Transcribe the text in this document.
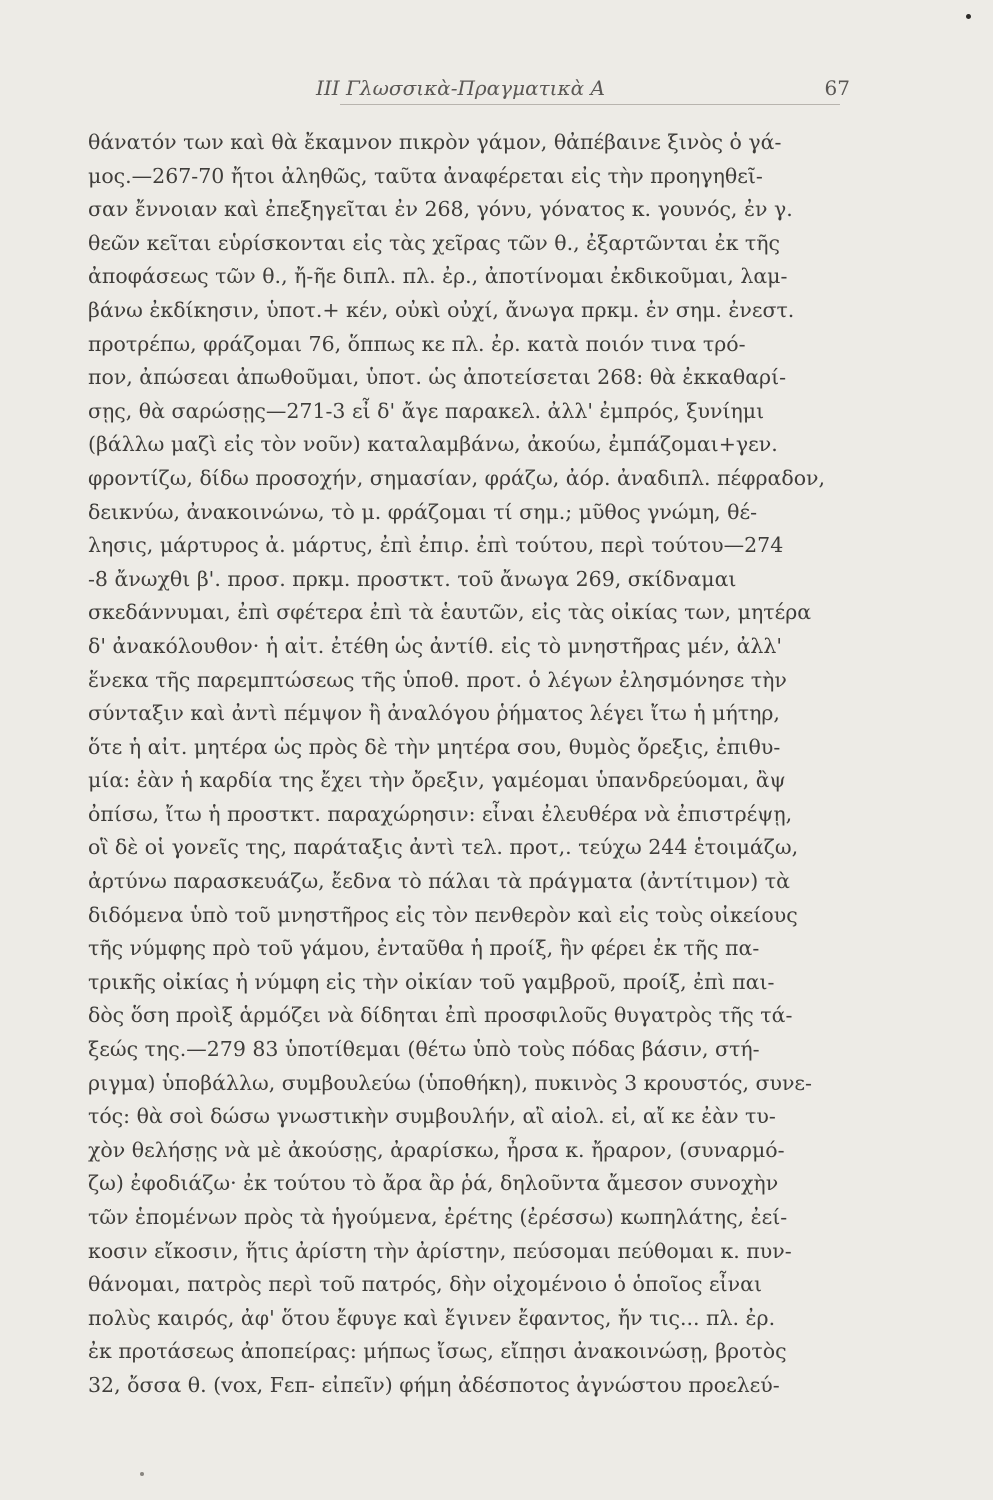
ΙΙΙ Γλωσσικὰ-Πραγματικὰ Α	67
θάνατόν των καὶ θὰ ἔκαμνον πικρὸν γάμον, θἀπέβαινε ξινὸς ὁ γά-
μος.—267-70 ἤτοι ἀληθῶς, ταῦτα ἀναφέρεται εἰς τὴν προηγηθεῖ-
σαν ἔννοιαν καὶ ἐπεξηγεῖται ἐν 268, γόνυ, γόνατος κ. γουνός, ἐν γ.
θεῶν κεῖται εὑρίσκονται εἰς τὰς χεῖρας τῶν θ., ἐξαρτῶνται ἐκ τῆς
ἀποφάσεως τῶν θ., ἤ-ῆε διπλ. πλ. ἐρ., ἀποτίνομαι ἐκδικοῦμαι, λαμ-
βάνω ἐκδίκησιν, ὑποτ.+ κέν, οὐκὶ οὐχί, ἄνωγα πρκμ. ἐν σημ. ἐνεστ.
προτρέπω, φράζομαι 76, ὅππως κε πλ. ἐρ. κατὰ ποιόν τινα τρό-
πον, ἀπώσεαι ἀπωθοῦμαι, ὑποτ. ὡς ἀποτείσεται 268: θὰ ἐκκαθαρί-
σῃς, θὰ σαρώσῃς—271-3 εἶ δ' ἄγε παρακελ. ἀλλ' ἐμπρός, ξυνίημι
(βάλλω μαζὶ εἰς τὸν νοῦν) καταλαμβάνω, ἀκούω, ἐμπάζομαι+γεν.
φροντίζω, δίδω προσοχήν, σημασίαν, φράζω, ἀόρ. ἀναδιπλ. πέφραδον,
δεικνύω, ἀνακοινώνω, τὸ μ. φράζομαι τί σημ.; μῦθος γνώμη, θέ-
λησις, μάρτυρος ἀ. μάρτυς, ἐπὶ ἐπιρ. ἐπὶ τούτου, περὶ τούτου—274
-8 ἄνωχθι β'. προσ. πρκμ. προστκτ. τοῦ ἄνωγα 269, σκίδναμαι
σκεδάννυμαι, ἐπὶ σφέτερα ἐπὶ τὰ ἑαυτῶν, εἰς τὰς οἰκίας των, μητέρα
δ' ἀνακόλουθον· ἡ αἰτ. ἐτέθη ὡς ἀντίθ. εἰς τὸ μνηστῆρας μέν, ἀλλ'
ἕνεκα τῆς παρεμπτώσεως τῆς ὑποθ. προτ. ὁ λέγων ἐλησμόνησε τὴν
σύνταξιν καὶ ἀντὶ πέμψον ἢ ἀναλόγου ῥήματος λέγει ἴτω ἡ μήτηρ,
ὅτε ἡ αἰτ. μητέρα ὡς πρὸς δὲ τὴν μητέρα σου, θυμὸς ὄρεξις, ἐπιθυ-
μία: ἐὰν ἡ καρδία της ἔχει τὴν ὄρεξιν, γαμέομαι ὑπανδρεύομαι, ἂψ
ὀπίσω, ἴτω ἡ προστκτ. παραχώρησιν: εἶναι ἐλευθέρα νὰ ἐπιστρέψῃ,
οἳ δὲ οἱ γονεῖς της, παράταξις ἀντὶ τελ. προτ,. τεύχω 244 ἑτοιμάζω,
ἀρτύνω παρασκευάζω, ἔεδνα τὸ πάλαι τὰ πράγματα (ἀντίτιμον) τὰ
διδόμενα ὑπὸ τοῦ μνηστῆρος εἰς τὸν πενθερὸν καὶ εἰς τοὺς οἰκείους
τῆς νύμφης πρὸ τοῦ γάμου, ἐνταῦθα ἡ προίξ, ἣν φέρει ἐκ τῆς πα-
τρικῆς οἰκίας ἡ νύμφη εἰς τὴν οἰκίαν τοῦ γαμβροῦ, προίξ, ἐπὶ παι-
δὸς ὅση προὶξ ἁρμόζει νὰ δίδηται ἐπὶ προσφιλοῦς θυγατρὸς τῆς τά-
ξεώς της.—279 83 ὑποτίθεμαι (θέτω ὑπὸ τοὺς πόδας βάσιν, στή-
ριγμα) ὑποβάλλω, συμβουλεύω (ὑποθήκη), πυκινὸς 3 κρουστός, συνε-
τός: θὰ σοὶ δώσω γνωστικὴν συμβουλήν, αἲ αἰολ. εἰ, αἴ κε ἐὰν τυ-
χὸν θελήσῃς νὰ μὲ ἀκούσῃς, ἀραρίσκω, ἦρσα κ. ἤραρον, (συναρμό-
ζω) ἐφοδιάζω· ἐκ τούτου τὸ ἄρα ἂρ ῥά, δηλοῦντα ἄμεσον συνοχὴν
τῶν ἑπομένων πρὸς τὰ ἡγούμενα, ἐρέτης (ἐρέσσω) κωπηλάτης, ἐεί-
κοσιν εἴκοσιν, ἥτις ἀρίστη τὴν ἀρίστην, πεύσομαι πεύθομαι κ. πυν-
θάνομαι, πατρὸς περὶ τοῦ πατρός, δὴν οἰχομένοιο ὁ ὁποῖος εἶναι
πολὺς καιρός, ἀφ' ὅτου ἔφυγε καὶ ἔγινεν ἔφαντος, ἤν τις... πλ. ἐρ.
ἐκ προτάσεως ἀποπείρας: μήπως ἴσως, εἴπῃσι ἀνακοινώσῃ, βροτὸς
32, ὄσσα θ. (vox, Fεπ- εἰπεῖν) φήμη ἀδέσποτος ἀγνώστου προελεύ-
